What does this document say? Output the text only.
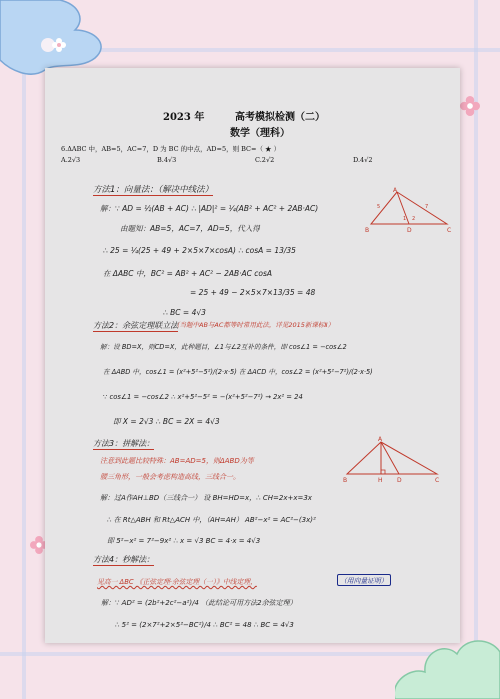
2023 年	高考模拟检测（二）
数学（理科）
6.ΔABC 中，AB=5，AC=7，D 为 BC 的中点，AD=5，则 BC=（ ★ ）
A.2√3	B.4√3	C.2√2	D.4√2
方法1：向量法：（解决中线法）
解：∵ AD = ½(AB + AC) ∴ |AD|² = ¼(AB² + AC² + 2AB·AC)
由题知：AB=5，AC=7，AD=5，代入得
∴ 25 = ¼(25 + 49 + 2×5×7×cosA) ∴ cosA = 13/35
在 ΔABC 中，BC² = AB² + AC² − 2AB·AC cosA
= 25 + 49 − 2×5×7×13/35 = 48
∴ BC = 4√3
A
B	C
D
1 2
5	7
方法2：余弦定理联立法
（当题中AB与AC都等时常用此法，详见2015新课标Ⅱ）
解：设 BD=X，则CD=X，此种题目，∠1与∠2互补的条件，即 cos∠1 = −cos∠2
在 ΔABD 中，cos∠1 = (x²+5²−5²)/(2·x·5) 在 ΔACD 中，cos∠2 = (x²+5²−7²)/(2·x·5)
∵ cos∠1 = −cos∠2 ∴ x²+5²−5² = −(x²+5²−7²) → 2x² = 24
即 X = 2√3 ∴ BC = 2X = 4√3
方法3：拼解法：
注意到此题比较特殊：AB=AD=5，则ΔABD为等
腰三角形，一般会考虑构造高线，三线合一。
解：过A作AH⊥BD（三线合一） 设 BH=HD=x，∴ CH=2x+x=3x
∴ 在 Rt△ABH 和 Rt△ACH 中，（AH=AH） AB²−x² = AC²−(3x)²
即 5²−x² = 7²−9x² ∴ x = √3 BC = 4·x = 4√3
A
B	H D	C
方法4：秒解法：
见高一 ΔBC 《正弦定理·余弦定理（一）》中线定理，	（用向量证明）
解：∵ AD² = (2b²+2c²−a²)/4 （此结论可用方法2余弦定理）
∴ 5² = (2×7²+2×5²−BC²)/4 ∴ BC² = 48 ∴ BC = 4√3
